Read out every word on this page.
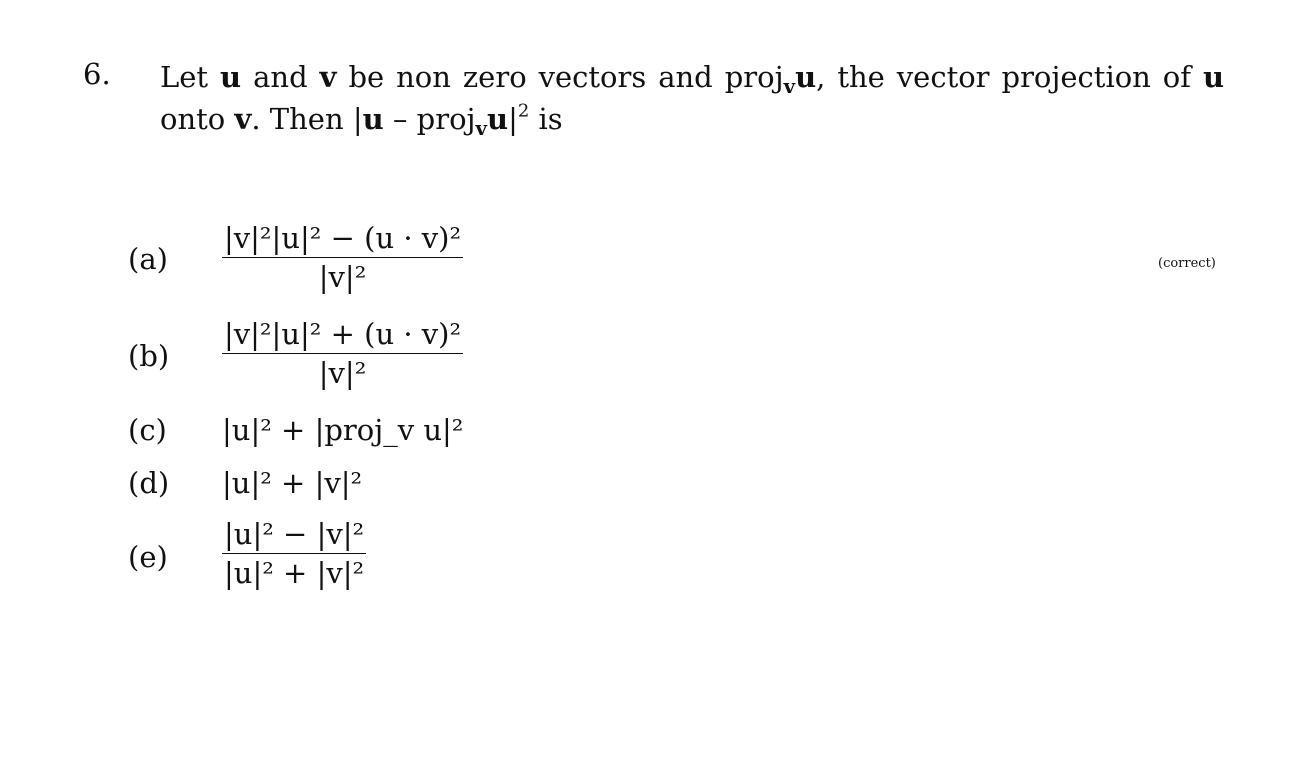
6. Let u and v be non zero vectors and proj$_v$u, the vector projection of u
onto v. Then $|u - proj_vu|^2$ is
(a)
|v|²|u|² − (u · v)²
|v|²	(correct)
(b)
|v|²|u|² + (u · v)²
|v|²
(c) |u|² + |proj_v u|²
(d) |u|² + |v|²
(e)
|u|² − |v|²
|u|² + |v|²
